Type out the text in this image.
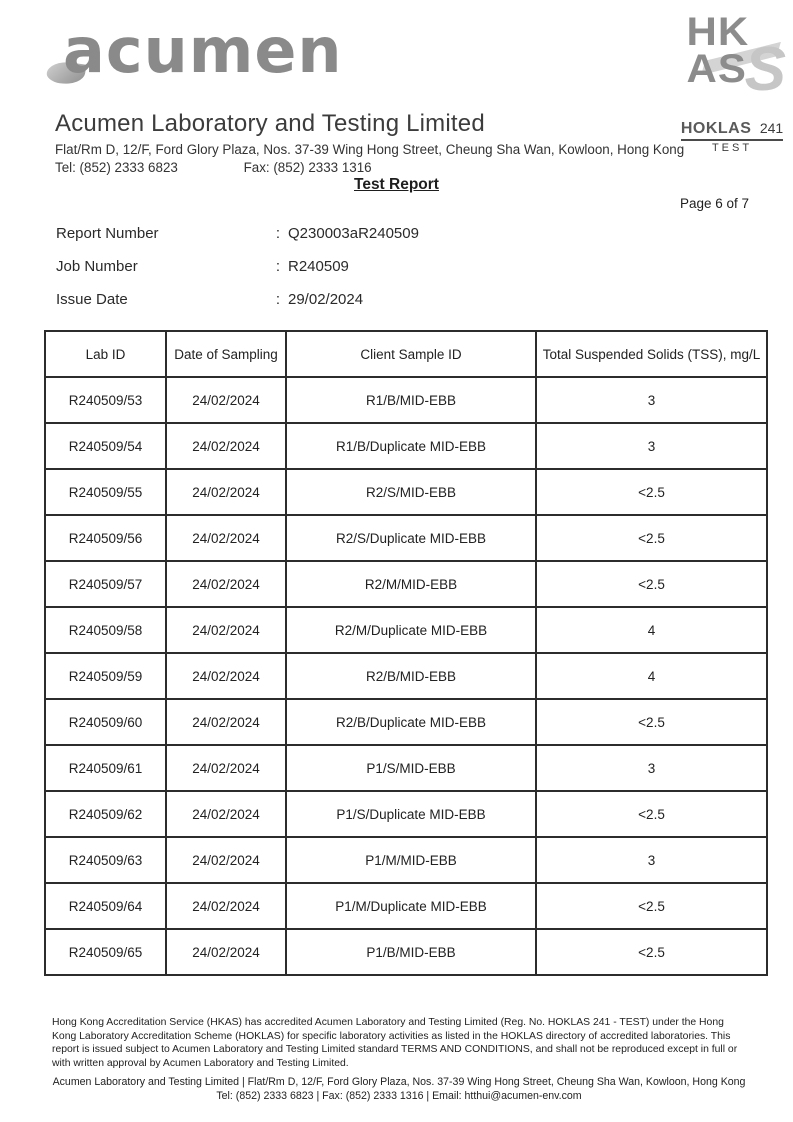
acumen
Acumen Laboratory and Testing Limited
Flat/Rm D, 12/F, Ford Glory Plaza, Nos. 37-39 Wing Hong Street, Cheung Sha Wan, Kowloon, Hong Kong
Tel: (852) 2333 6823	Fax: (852) 2333 1316
S
HK
AS
HOKLAS 241
TEST
Test Report
Page 6 of 7
Report Number	: Q230003aR240509
Job Number	: R240509
Issue Date	: 29/02/2024
Lab ID	Date of Sampling	Client Sample ID	Total Suspended Solids (TSS), mg/L
R240509/53	24/02/2024	R1/B/MID-EBB	3
R240509/54	24/02/2024	R1/B/Duplicate MID-EBB	3
R240509/55	24/02/2024	R2/S/MID-EBB	<2.5
R240509/56	24/02/2024	R2/S/Duplicate MID-EBB	<2.5
R240509/57	24/02/2024	R2/M/MID-EBB	<2.5
R240509/58	24/02/2024	R2/M/Duplicate MID-EBB	4
R240509/59	24/02/2024	R2/B/MID-EBB	4
R240509/60	24/02/2024	R2/B/Duplicate MID-EBB	<2.5
R240509/61	24/02/2024	P1/S/MID-EBB	3
R240509/62	24/02/2024	P1/S/Duplicate MID-EBB	<2.5
R240509/63	24/02/2024	P1/M/MID-EBB	3
R240509/64	24/02/2024	P1/M/Duplicate MID-EBB	<2.5
R240509/65	24/02/2024	P1/B/MID-EBB	<2.5
Hong Kong Accreditation Service (HKAS) has accredited Acumen Laboratory and Testing Limited (Reg. No. HOKLAS 241 - TEST) under the Hong Kong Laboratory Accreditation Scheme (HOKLAS) for specific laboratory activities as listed in the HOKLAS directory of accredited laboratories. This report is issued subject to Acumen Laboratory and Testing Limited standard TERMS AND CONDITIONS, and shall not be reproduced except in full or with written approval by Acumen Laboratory and Testing Limited.
Acumen Laboratory and Testing Limited | Flat/Rm D, 12/F, Ford Glory Plaza, Nos. 37-39 Wing Hong Street, Cheung Sha Wan, Kowloon, Hong Kong
Tel: (852) 2333 6823 | Fax: (852) 2333 1316 | Email: htthui@acumen-env.com
